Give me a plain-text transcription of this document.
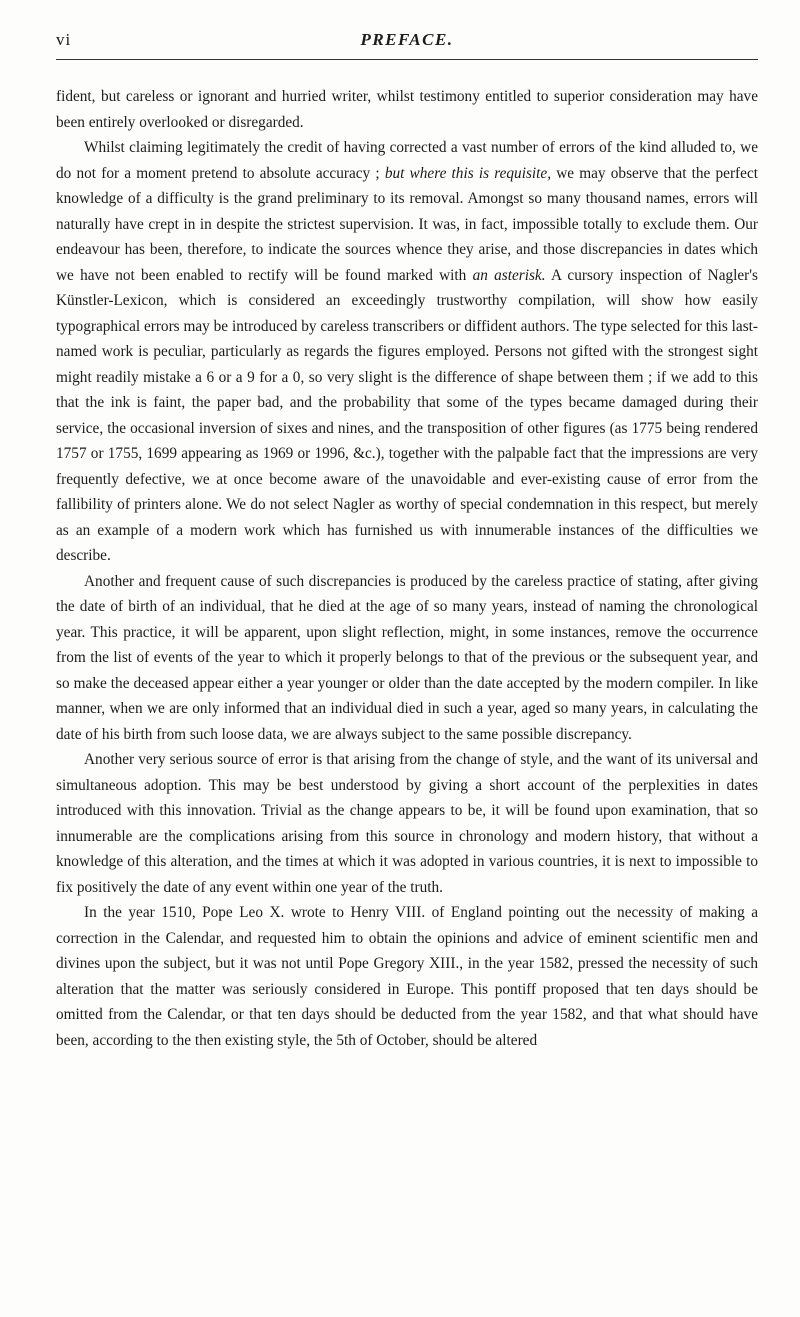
vi	PREFACE.

fident, but careless or ignorant and hurried writer, whilst testimony entitled to superior consideration may have been entirely overlooked or disregarded.

Whilst claiming legitimately the credit of having corrected a vast number of errors of the kind alluded to, we do not for a moment pretend to absolute accuracy ; but where this is requisite, we may observe that the perfect knowledge of a difficulty is the grand preliminary to its removal. Amongst so many thousand names, errors will naturally have crept in in despite the strictest supervision. It was, in fact, impossible totally to exclude them. Our endeavour has been, therefore, to indicate the sources whence they arise, and those discrepancies in dates which we have not been enabled to rectify will be found marked with an asterisk. A cursory inspection of Nagler's Künstler-Lexicon, which is considered an exceedingly trustworthy compilation, will show how easily typographical errors may be introduced by careless transcribers or diffident authors. The type selected for this last-named work is peculiar, particularly as regards the figures employed. Persons not gifted with the strongest sight might readily mistake a 6 or a 9 for a 0, so very slight is the difference of shape between them ; if we add to this that the ink is faint, the paper bad, and the probability that some of the types became damaged during their service, the occasional inversion of sixes and nines, and the transposition of other figures (as 1775 being rendered 1757 or 1755, 1699 appearing as 1969 or 1996, &c.), together with the palpable fact that the impressions are very frequently defective, we at once become aware of the unavoidable and ever-existing cause of error from the fallibility of printers alone. We do not select Nagler as worthy of special condemnation in this respect, but merely as an example of a modern work which has furnished us with innumerable instances of the difficulties we describe.

Another and frequent cause of such discrepancies is produced by the careless practice of stating, after giving the date of birth of an individual, that he died at the age of so many years, instead of naming the chronological year. This practice, it will be apparent, upon slight reflection, might, in some instances, remove the occurrence from the list of events of the year to which it properly belongs to that of the previous or the subsequent year, and so make the deceased appear either a year younger or older than the date accepted by the modern compiler. In like manner, when we are only informed that an individual died in such a year, aged so many years, in calculating the date of his birth from such loose data, we are always subject to the same possible discrepancy.

Another very serious source of error is that arising from the change of style, and the want of its universal and simultaneous adoption. This may be best understood by giving a short account of the perplexities in dates introduced with this innovation. Trivial as the change appears to be, it will be found upon examination, that so innumerable are the complications arising from this source in chronology and modern history, that without a knowledge of this alteration, and the times at which it was adopted in various countries, it is next to impossible to fix positively the date of any event within one year of the truth.

In the year 1510, Pope Leo X. wrote to Henry VIII. of England pointing out the necessity of making a correction in the Calendar, and requested him to obtain the opinions and advice of eminent scientific men and divines upon the subject, but it was not until Pope Gregory XIII., in the year 1582, pressed the necessity of such alteration that the matter was seriously considered in Europe. This pontiff proposed that ten days should be omitted from the Calendar, or that ten days should be deducted from the year 1582, and that what should have been, according to the then existing style, the 5th of October, should be altered
